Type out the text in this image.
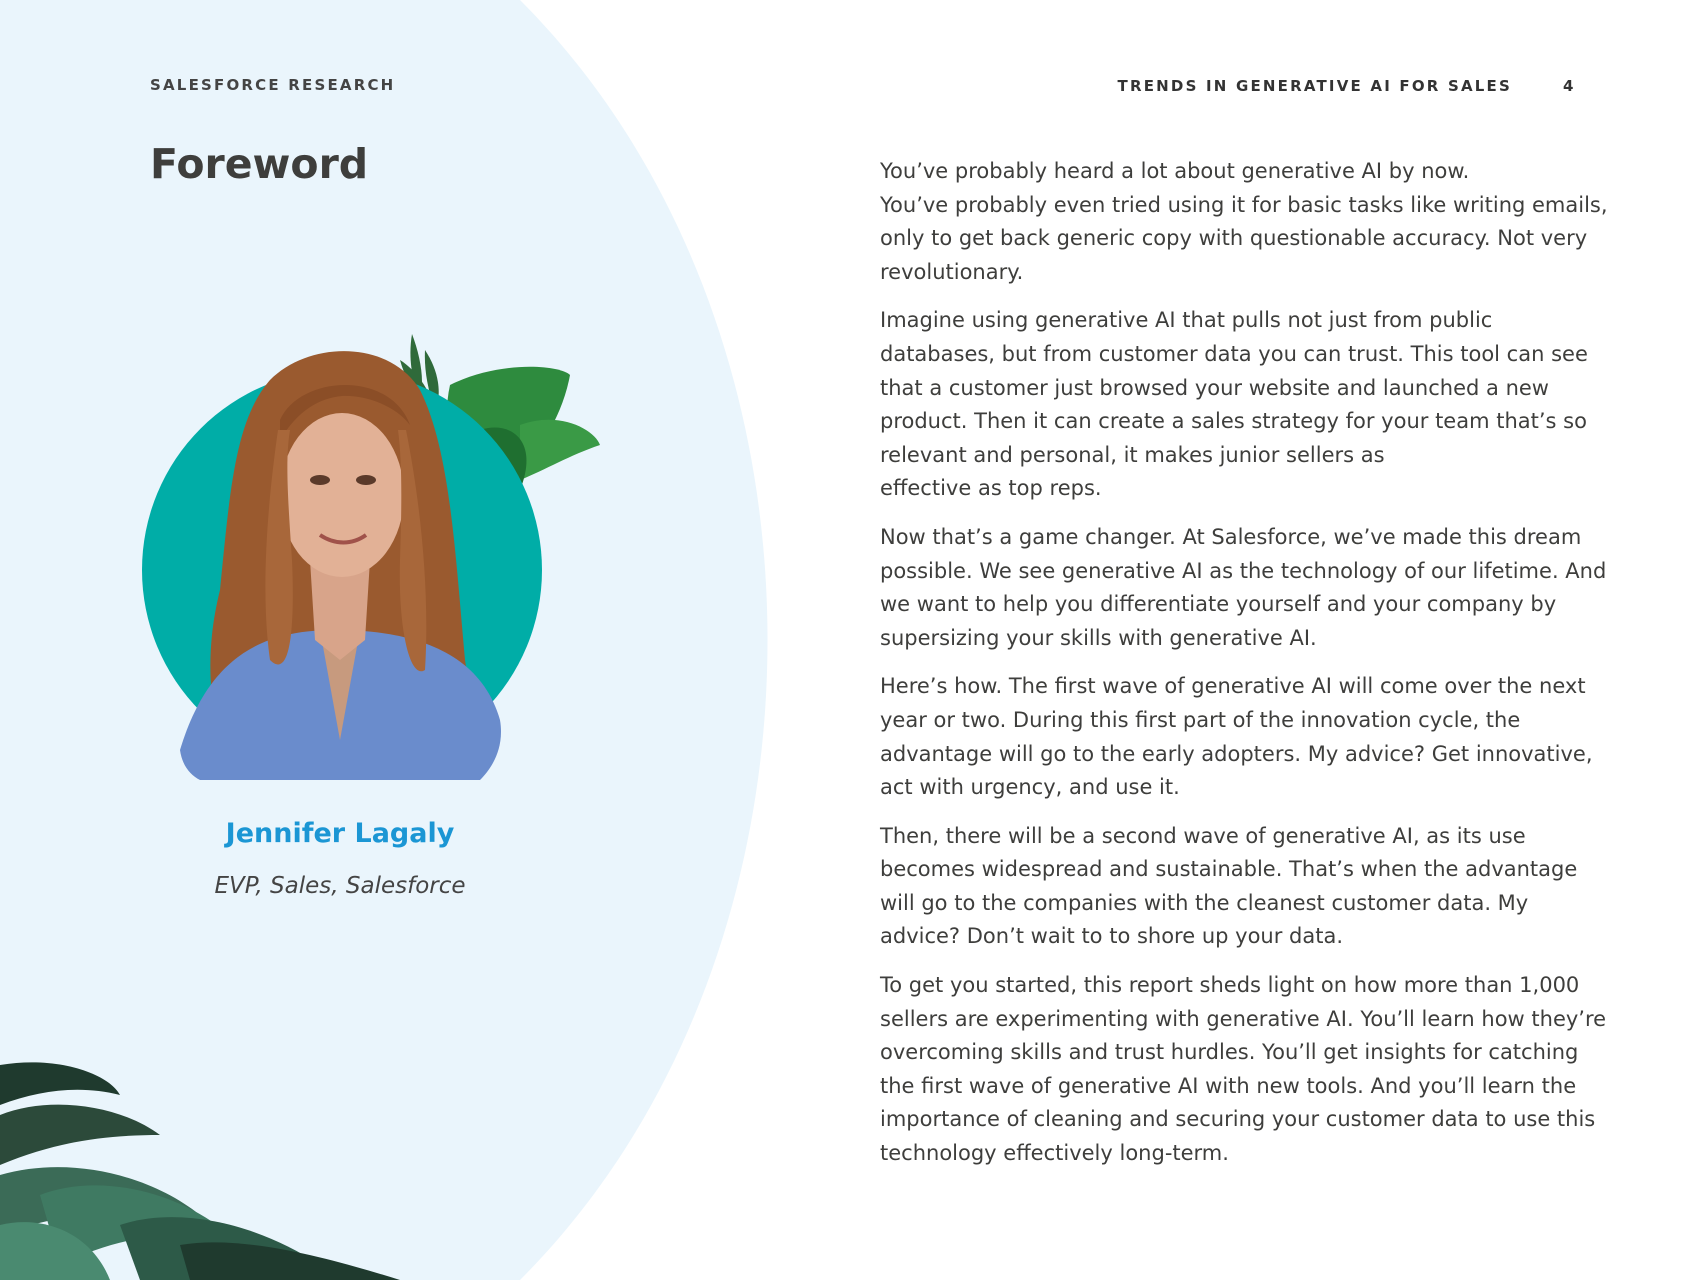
SALESFORCE RESEARCH	TRENDS IN GENERATIVE AI FOR SALES	4
Foreword
Jennifer Lagaly
EVP, Sales, Salesforce

You’ve probably heard a lot about generative AI by now.
You’ve probably even tried using it for basic tasks like writing emails, only to get back generic copy with questionable accuracy. Not very revolutionary.

Imagine using generative AI that pulls not just from public databases, but from customer data you can trust. This tool can see that a customer just browsed your website and launched a new product. Then it can create a sales strategy for your team that’s so relevant and personal, it makes junior sellers as
effective as top reps.

Now that’s a game changer. At Salesforce, we’ve made this dream possible. We see generative AI as the technology of our lifetime. And we want to help you differentiate yourself and your company by supersizing your skills with generative AI.

Here’s how. The first wave of generative AI will come over the next year or two. During this first part of the innovation cycle, the advantage will go to the early adopters. My advice? Get innovative, act with urgency, and use it.

Then, there will be a second wave of generative AI, as its use becomes widespread and sustainable. That’s when the advantage will go to the companies with the cleanest customer data. My advice? Don’t wait to to shore up your data.

To get you started, this report sheds light on how more than 1,000 sellers are experimenting with generative AI. You’ll learn how they’re overcoming skills and trust hurdles. You’ll get insights for catching the first wave of generative AI with new tools. And you’ll learn the importance of cleaning and securing your customer data to use this technology effectively long-term.
